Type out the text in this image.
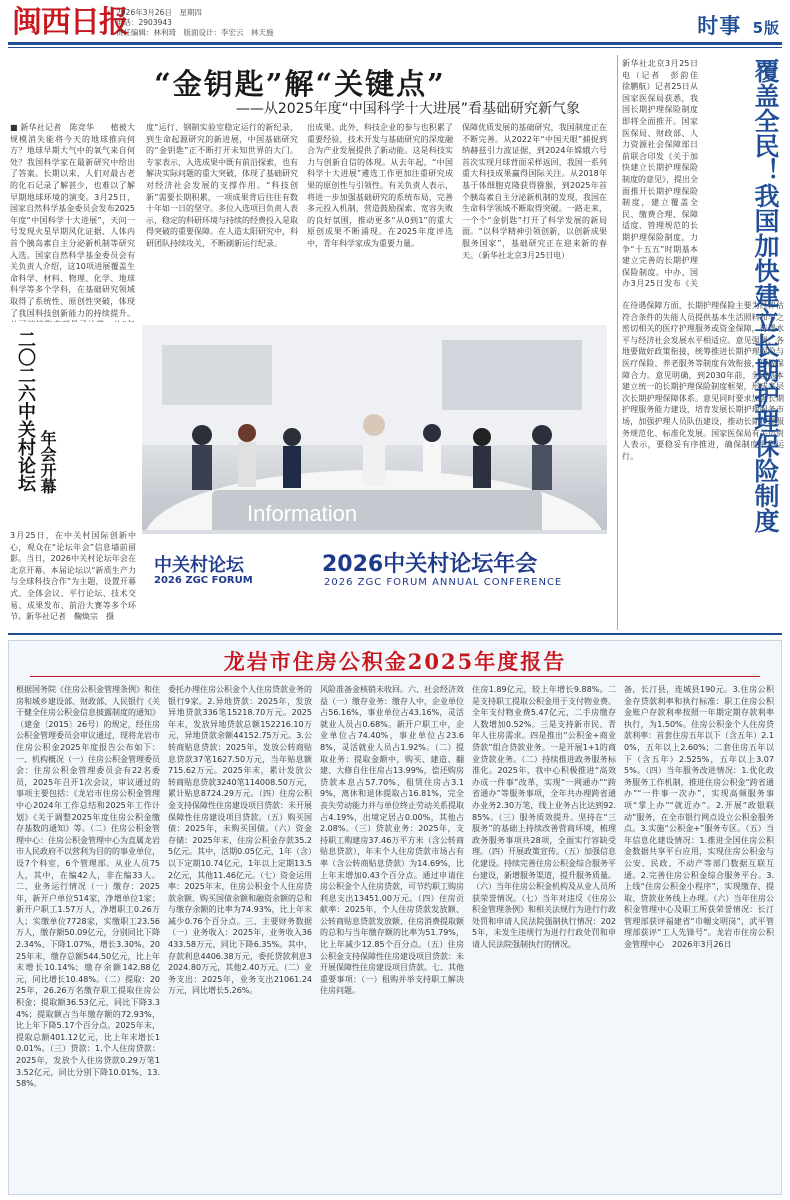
闽西日报
2026年3月26日　星期四
电话：2903943
责任编辑：林利琦　版面设计：李宏云　林天施	时事 5版
“金钥匙”解“关键点”
——从2025年度“中国科学十大进展”看基础研究新气象
■ 新华社记者　陈竞华　　植被大规模消失能将今天的地球推向何方？地球早期大气中的氧气来自何处？我国科学家在最新研究中给出了答案。长期以来，人们对最古老的化石记录了解甚少，也难以了解早期地球环境的演变。3月25日，国家自然科学基金委员会发布2025年度“中国科学十大进展”，天问一号发现火星早期风化证据、人体内首个胰岛素自主分泌新机制等研究入选。国家自然科学基金委员会有关负责人介绍，这10项进展覆盖生命科学、材料、物理、化学、地球科学等多个学科，在基础研究领域取得了系统性、原创性突破，体现了我国科技创新能力的持续提升。
度“运行、钢制实验室稳定运行的新纪录，到生命起源研究的新进展，中国基础研究的“金钥匙”正不断打开未知世界的大门。专家表示，入选成果中既有前沿探索，也有解决实际问题的重大突破，体现了基础研究对经济社会发展的支撑作用。“科技创新”需要长期积累，一项成果背后往往有数十年如一日的坚守。多位入选项目负责人表示，稳定的科研环境与持续的经费投入是取得突破的重要保障。在人造太阳研究中，科研团队持续攻关，不断刷新运行纪录。
出成果。此外，科技企业的参与也积累了重要经验，技术开发与基础研究的深度融合为产业发展提供了新动能。这是科技实力与创新自信的体现。从去年起，“中国科学十大进展”遴选工作更加注重研究成果的原创性与引领性。有关负责人表示，将进一步加强基础研究的系统布局，完善多元投入机制，营造鼓励探索、宽容失败的良好氛围，推动更多“从0到1”的重大原创成果不断涌现。在2025年度评选中，青年科学家成为重要力量。
保障优质发展的基础研究，我国制度正在不断完善。从2022年“中国天眼”捕捉到纳赫兹引力波证据，到2024年嫦娥六号首次实现月球背面采样返回，我国一系列重大科技成果赢得国际关注。从2018年基于体细胞克隆获得猕猴，到2025年首个胰岛素自主分泌新机制的发现，我国在生命科学领域不断取得突破。一路走来，一个个“金钥匙”打开了科学发展的新局面。“以科学精神引领创新，以创新成果服务国家”，基础研究正在迎来新的春天。（新华社北京3月25日电）
二〇二六中关村论坛 年会开幕
3月25日，在中关村国际创新中心，观众在“论坛年会”信息墙前留影。当日，2026中关村论坛年会在北京开幕。本届论坛以“新质生产力与全球科技合作”为主题，设置开幕式、全体会议、平行论坛、技术交易、成果发布、前沿大赛等多个环节。新华社记者　鞠焕宗　摄
Information
中关村论坛
2026 ZGC FORUM
2026中关村论坛年会
2026 ZGC FORUM ANNUAL CONFERENCE
新华社北京3月25日电（记者　彭韵佳　徐鹏航）记者25日从国家医保局获悉，我国长期护理保险制度即将全面推开。国家医保局、财政部、人力资源社会保障部日前联合印发《关于加快建立长期护理保险制度的意见》，提出全面推开长期护理保险制度，建立覆盖全民、缴费合理、保障适度、管理规范的长期护理保险制度，力争“十五五”时期基本建立完善的长期护理保险制度。中办、国办3月25日发布《关
在待遇保障方面，长期护理保险主要为经评估符合条件的失能人员提供基本生活照料和与之密切相关的医疗护理服务或资金保障，待遇水平与经济社会发展水平相适应。意见强调，各地要做好政策衔接，统筹推进长期护理保险与医疗保险、养老服务等制度有效衔接，形成保障合力。意见明确，到2030年前，全国基本建立统一的长期护理保险制度框架，形成多层次长期护理保障体系。意见同时要求加强长期护理服务能力建设，培育发展长期护理服务市场，加强护理人员队伍建设，推动长期护理服务规范化、标准化发展。国家医保局有关负责人表示，要稳妥有序推进，确保制度平稳运行。	覆盖全民！我国加快建立长期护理保险制度
龙岩市住房公积金2025年度报告
根据国务院《住房公积金管理条例》和住房和城乡建设部、财政部、人民银行《关于健全住房公积金信息披露制度的通知》（建金〔2015〕26号）的规定，经住房公积金管理委员会审议通过，现将龙岩市住房公积金2025年度报告公布如下：一、机构概况（一）住房公积金管理委员会：住房公积金管理委员会有22名委员，2025年召开1次会议，审议通过的事项主要包括：《龙岩市住房公积金管理中心2024年工作总结和2025年工作计划》《关于调整2025年度住房公积金缴存基数的通知》等。（二）住房公积金管理中心：住房公积金管理中心为直属龙岩市人民政府不以营利为目的的事业单位，设7个科室，6个管理部。从业人员75人，其中，在编42人，非在编33人。二、业务运行情况（一）缴存：2025年，新开户单位514家，净增单位1家；新开户职工1.57万人，净增职工0.26万人；实缴单位7728家，实缴职工23.56万人，缴存额50.09亿元，分别同比下降2.34%、下降1.07%、增长3.30%。2025年末，缴存总额544.50亿元，比上年末增长10.14%；缴存余额142.88亿元，同比增长10.48%。（二）提取：2025年，26.26万名缴存职工提取住房公积金；提取额36.53亿元，同比下降3.34%；提取额占当年缴存额的72.93%，比上年下降5.17个百分点。2025年末，提取总额401.12亿元，比上年末增长10.01%。（三）贷款：1.个人住房贷款：2025年，发放个人住房贷款0.29万笔13.52亿元，同比分别下降10.01%、13.58%。
委托办理住房公积金个人住房贷款业务的银行9家。2.异地贷款：2025年，发放异地贷款336笔15218.70万元。2025年末，发放异地贷款总额152216.10万元，异地贷款余额44152.75万元。3.公转商贴息贷款：2025年，发放公转商贴息贷款37笔1627.50万元，当年贴息额715.62万元。2025年末，累计发放公转商贴息贷款3240笔114008.50万元，累计贴息8724.29万元。（四）住房公积金支持保障性住房建设项目贷款：未开展保障性住房建设项目贷款。（五）购买国债：2025年，未购买国债。（六）资金存储：2025年末，住房公积金存款35.25亿元。其中，活期0.05亿元，1年（含）以下定期10.74亿元，1年以上定期13.52亿元，其他11.46亿元。（七）资金运用率：2025年末，住房公积金个人住房贷款余额、购买国债余额和融资余额的总和与缴存余额的比率为74.93%，比上年末减少0.76个百分点。三、主要财务数据（一）业务收入：2025年，业务收入36433.58万元，同比下降6.35%。其中，存款利息4406.38万元，委托贷款利息32024.80万元，其他2.40万元。（二）业务支出：2025年，业务支出21061.24万元，同比增长5.26%。
风险准备金核销未收回。六、社会经济效益（一）缴存业务：缴存人中，企业单位占56.16%，事业单位占43.16%，灵活就业人员占0.68%。新开户职工中，企业单位占74.40%，事业单位占23.68%，灵活就业人员占1.92%。（二）提取业务：提取金额中，购买、建造、翻建、大修自住住房占13.99%，偿还购房贷款本息占57.70%，租赁住房占3.19%，离休和退休提取占16.81%，完全丧失劳动能力并与单位终止劳动关系提取占4.19%，出境定居占0.00%，其他占2.08%。（三）贷款业务：2025年，支持职工购建房37.46万平方米（含公转商贴息贷款），年末个人住房贷款市场占有率（含公转商贴息贷款）为14.69%，比上年末增加0.43个百分点。通过申请住房公积金个人住房贷款，可节约职工购房利息支出13451.00万元。（四）住房贡献率：2025年，个人住房贷款发放额、公转商贴息贷款发放额、住房消费提取额的总和与当年缴存额的比率为51.79%，比上年减少12.85个百分点。（五）住房公积金支持保障性住房建设项目贷款：未开展保障性住房建设项目贷款。七、其他重要事项：（一）租购并举支持职工解决住房问题。
住房1.89亿元，较上年增长9.88%。二是支持职工提取公积金用于支付物业费。全年支付物业费5.47亿元，二手房缴存人数增加0.52%。三是支持新市民、青年人住房需求。四是推出“公积金+商业贷款”组合贷款业务。一是开展1+1的商业贷款业务。（二）持续推进政务服务标准化。2025年，我中心积极推进“高效办成一件事”改革，实现“一网通办”“跨省通办”等服务事项，全年共办理跨省通办业务2.30万笔，线上业务占比达到92.85%。（三）服务质效提升。坚持在“三服务”的基础上持续改善营商环境，梳理政务服务事项共28项，全面实行容缺受理。（四）开展政策宣传。（五）加强信息化建设。持续完善住房公积金综合服务平台建设，新增服务渠道，提升服务质量。（六）当年住房公积金机构及从业人员所获荣誉情况。（七）当年对违反《住房公积金管理条例》和相关法规行为进行行政处罚和申请人民法院强制执行情况：2025年，未发生违规行为进行行政处罚和申请人民法院强制执行的情况。
备，长汀县，连城县190元。3.住房公积金存贷款利率和执行标准：职工住房公积金账户存款利率按照一年期定期存款利率执行，为1.50%。住房公积金个人住房贷款利率：首套住房五年以下（含五年）2.10%，五年以上2.60%；二套住房五年以下（含五年）2.525%，五年以上3.075%。（四）当年服务改进情况：1.优化政务服务工作机制，推进住房公积金“跨省通办”“一件事一次办”，实现高频服务事项“掌上办”“就近办”。2.开展“政银联动”服务，在全市银行网点设立公积金服务点。3.实施“公积金+”服务专区。（五）当年信息化建设情况：1.推进全国住房公积金数据共享平台应用，实现住房公积金与公安、民政、不动产等部门数据互联互通。2.完善住房公积金综合服务平台。3.上线“住房公积金小程序”，实现缴存、提取、贷款业务线上办理。（六）当年住房公积金管理中心及职工所获荣誉情况：长汀管理部获评福建省“巾帼文明岗”，武平管理部获评“工人先锋号”。龙岩市住房公积金管理中心　2026年3月26日
